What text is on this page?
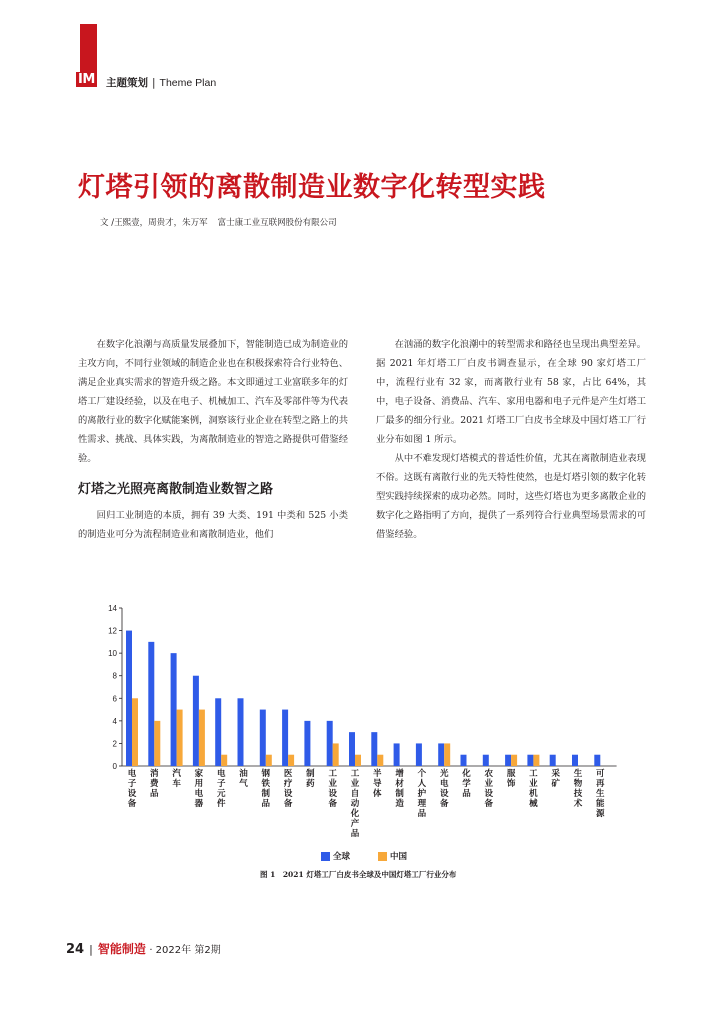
IM 主题策划 | Theme Plan
灯塔引领的离散制造业数字化转型实践
文 /王熙壹，周贵才，朱万军 富士康工业互联网股份有限公司

在数字化浪潮与高质量发展叠加下，智能制造已成为制造业的主攻方向，不同行业领域的制造企业也在积极探索符合行业特色、满足企业真实需求的智造升级之路。本文即通过工业富联多年的灯塔工厂建设经验，以及在电子、机械加工、汽车及零部件等为代表的离散行业的数字化赋能案例，洞察该行业企业在转型之路上的共性需求、挑战、具体实践，为离散制造业的智造之路提供可借鉴经验。

灯塔之光照亮离散制造业数智之路

回归工业制造的本质，拥有 39 大类、191 中类和 525 小类的制造业可分为流程制造业和离散制造业，他们

在汹涌的数字化浪潮中的转型需求和路径也呈现出典型差异。据 2021 年灯塔工厂白皮书调查显示，在全球 90 家灯塔工厂中，流程行业有 32 家，而离散行业有 58 家，占比 64%，其中，电子设备、消费品、汽车、家用电器和电子元件是产生灯塔工厂最多的细分行业。2021 灯塔工厂白皮书全球及中国灯塔工厂行业分布如图 1 所示。

从中不难发现灯塔模式的普适性价值，尤其在离散制造业表现不俗。这既有离散行业的先天特性使然，也是灯塔引领的数字化转型实践持续探索的成功必然。同时，这些灯塔也为更多离散企业的数字化之路指明了方向，提供了一系列符合行业典型场景需求的可借鉴经验。

0
2
4
6
8
10
12
14
电子设备
消费品
汽车
家用电器
电子元件
油气
钢铁制品
医疗设备
制药
工业设备
工业自动化产品
半导体
增材制造
个人护理品
光电设备
化学品
农业设备
服饰
工业机械
采矿
生物技术
可再生能源
全球	中国
图 1　2021 灯塔工厂白皮书全球及中国灯塔工厂行业分布
24 | 智能制造 · 2022年 第2期
